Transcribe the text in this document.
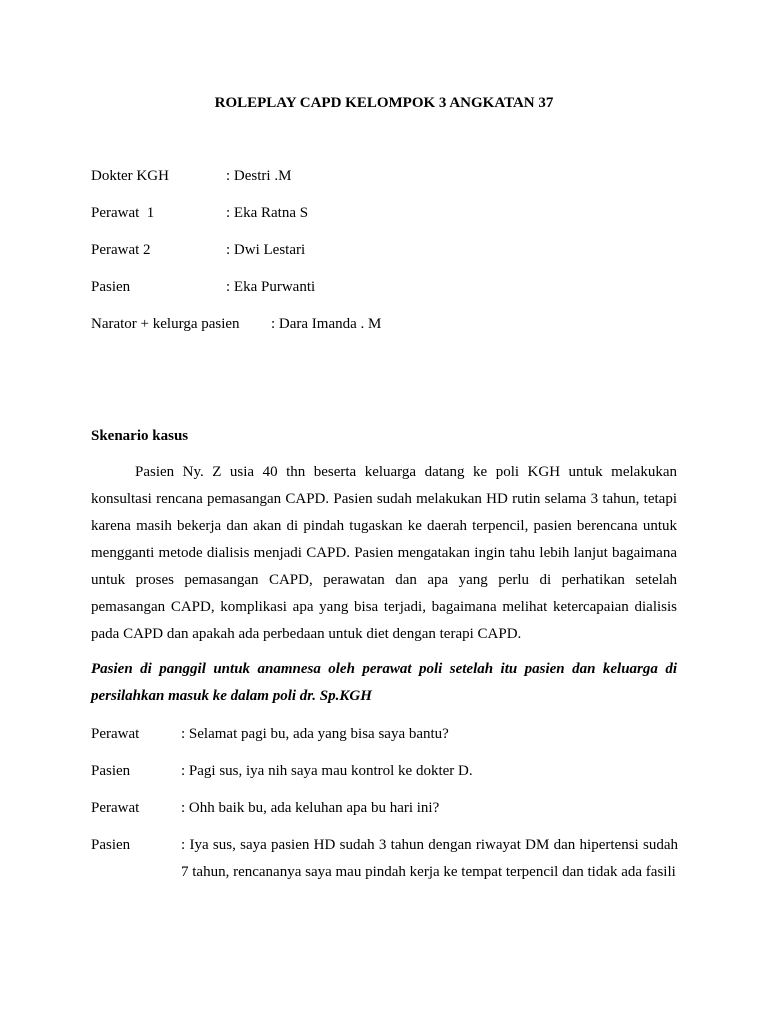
ROLEPLAY CAPD KELOMPOK 3 ANGKATAN 37
Dokter KGH	: Destri .M
Perawat  1	: Eka Ratna S
Perawat 2	: Dwi Lestari
Pasien	: Eka Purwanti
Narator + kelurga pasien : Dara Imanda . M
Skenario kasus

Pasien Ny. Z usia 40 thn beserta keluarga datang ke poli KGH untuk melakukan konsultasi rencana pemasangan CAPD. Pasien sudah melakukan HD rutin selama 3 tahun, tetapi karena masih bekerja dan akan di pindah tugaskan ke daerah terpencil, pasien berencana untuk mengganti metode dialisis menjadi CAPD. Pasien mengatakan ingin tahu lebih lanjut bagaimana untuk proses pemasangan CAPD, perawatan dan apa yang perlu di perhatikan setelah pemasangan CAPD, komplikasi apa yang bisa terjadi, bagaimana melihat ketercapaian dialisis pada CAPD dan apakah ada perbedaan untuk diet dengan terapi CAPD.

Pasien di panggil untuk anamnesa oleh perawat poli setelah itu pasien dan keluarga di persilahkan masuk ke dalam poli dr. Sp.KGH

Perawat	: Selamat pagi bu, ada yang bisa saya bantu?
Pasien	: Pagi sus, iya nih saya mau kontrol ke dokter D.
Perawat	: Ohh baik bu, ada keluhan apa bu hari ini?
Pasien	: Iya sus, saya pasien HD sudah 3 tahun dengan riwayat DM dan hipertensi sudah 7 tahun, rencananya saya mau pindah kerja ke tempat terpencil dan tidak ada fasili
